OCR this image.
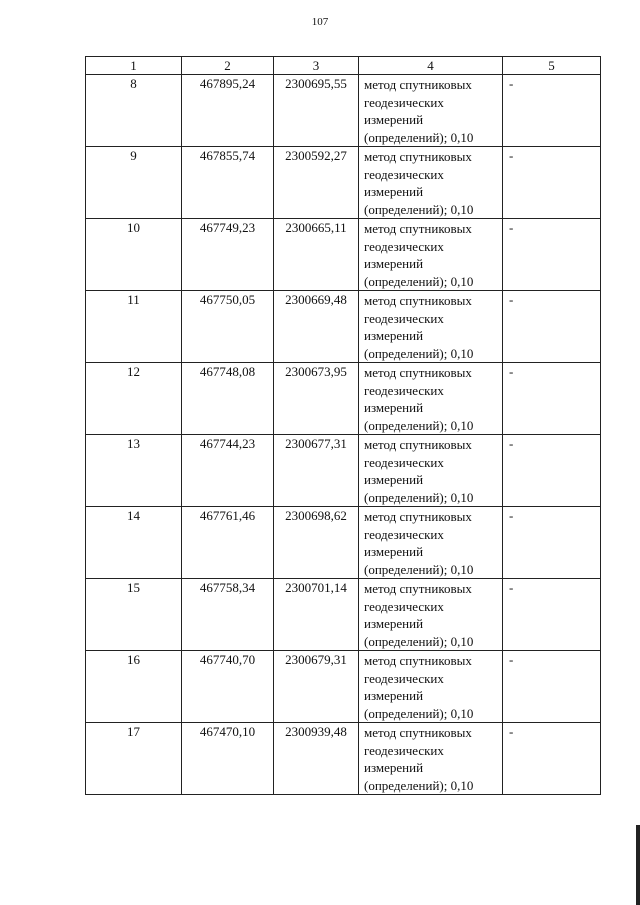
107
1	2	3	4	5
8	467895,24	2300695,55	метод спутниковых геодезических измерений (определений); 0,10	-
9	467855,74	2300592,27	метод спутниковых геодезических измерений (определений); 0,10	-
10	467749,23	2300665,11	метод спутниковых геодезических измерений (определений); 0,10	-
11	467750,05	2300669,48	метод спутниковых геодезических измерений (определений); 0,10	-
12	467748,08	2300673,95	метод спутниковых геодезических измерений (определений); 0,10	-
13	467744,23	2300677,31	метод спутниковых геодезических измерений (определений); 0,10	-
14	467761,46	2300698,62	метод спутниковых геодезических измерений (определений); 0,10	-
15	467758,34	2300701,14	метод спутниковых геодезических измерений (определений); 0,10	-
16	467740,70	2300679,31	метод спутниковых геодезических измерений (определений); 0,10	-
17	467470,10	2300939,48	метод спутниковых геодезических измерений (определений); 0,10	-
